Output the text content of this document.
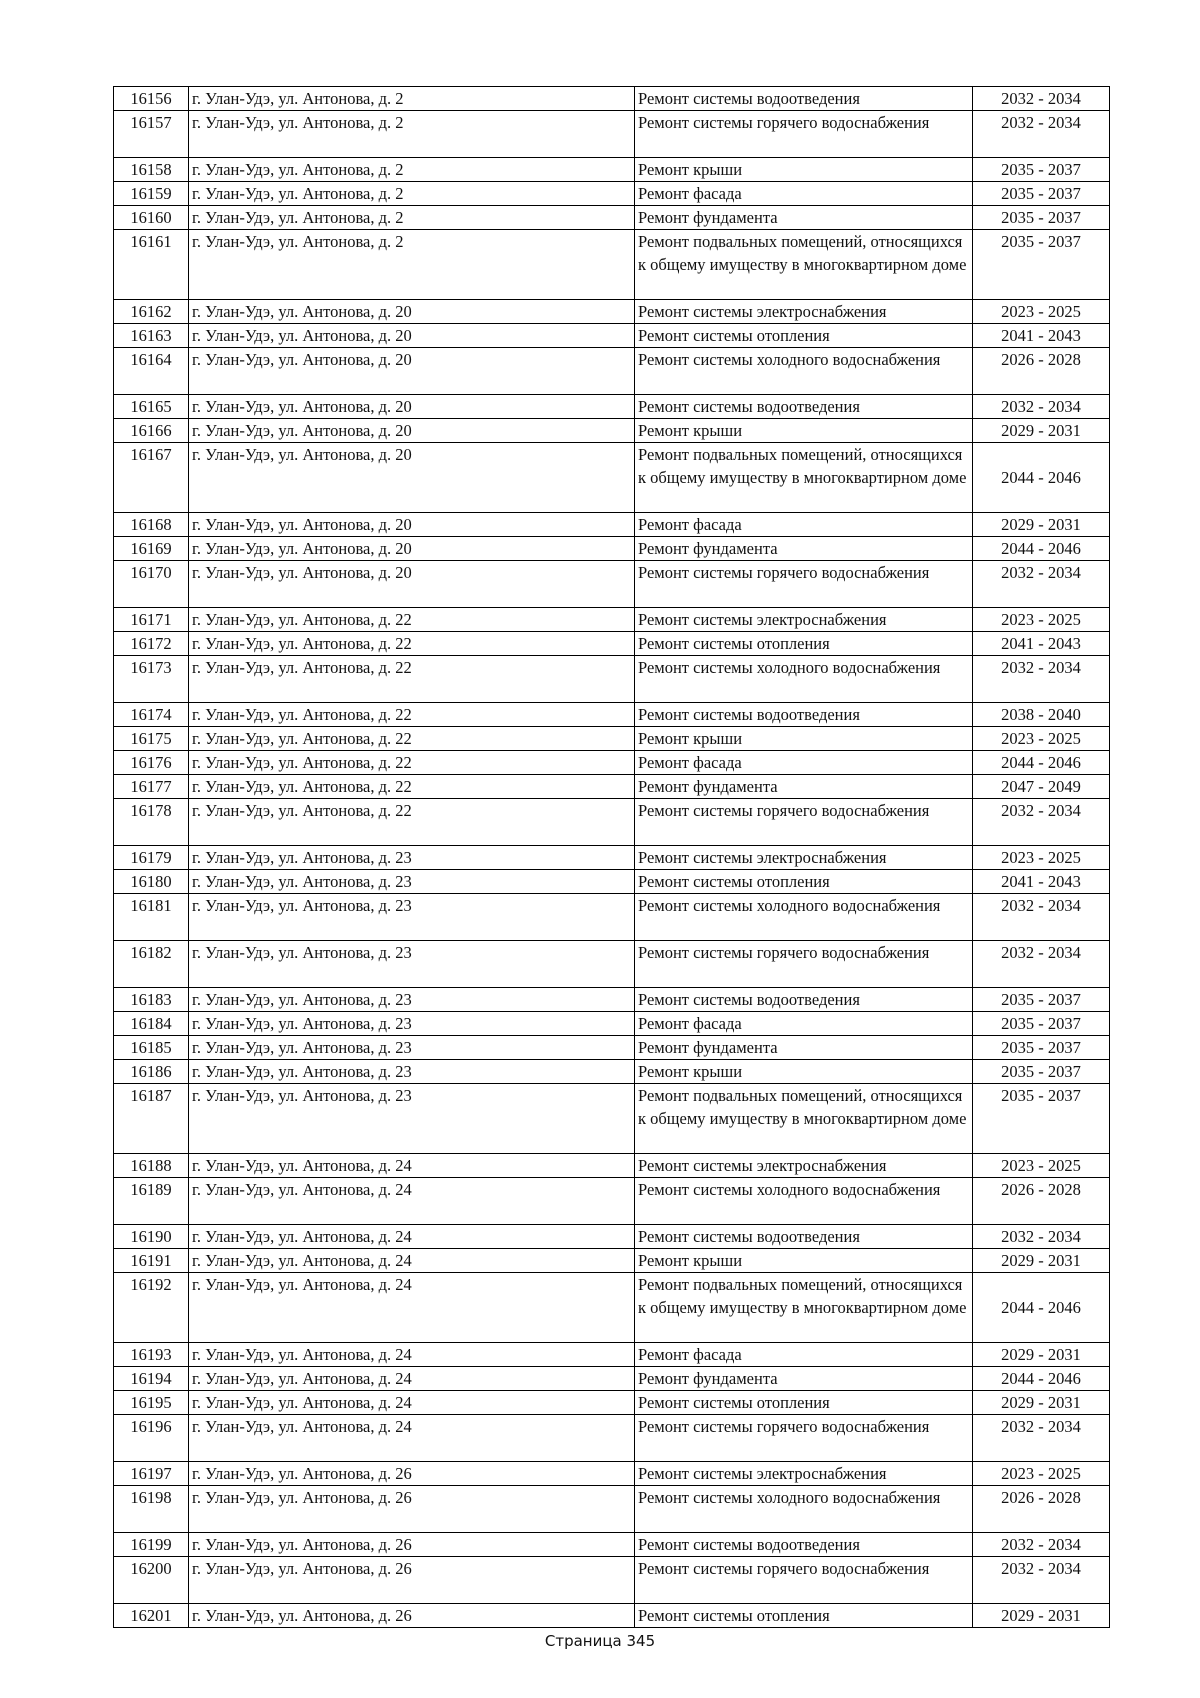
16156	г. Улан-Удэ, ул. Антонова, д. 2	Ремонт системы водоотведения	2032 - 2034
16157	г. Улан-Удэ, ул. Антонова, д. 2	Ремонт системы горячего водоснабжения	2032 - 2034
16158	г. Улан-Удэ, ул. Антонова, д. 2	Ремонт крыши	2035 - 2037
16159	г. Улан-Удэ, ул. Антонова, д. 2	Ремонт фасада	2035 - 2037
16160	г. Улан-Удэ, ул. Антонова, д. 2	Ремонт фундамента	2035 - 2037
16161	г. Улан-Удэ, ул. Антонова, д. 2	Ремонт подвальных помещений, относящихся к общему имуществу в многоквартирном доме	2035 - 2037
16162	г. Улан-Удэ, ул. Антонова, д. 20	Ремонт системы электроснабжения	2023 - 2025
16163	г. Улан-Удэ, ул. Антонова, д. 20	Ремонт системы отопления	2041 - 2043
16164	г. Улан-Удэ, ул. Антонова, д. 20	Ремонт системы холодного водоснабжения	2026 - 2028
16165	г. Улан-Удэ, ул. Антонова, д. 20	Ремонт системы водоотведения	2032 - 2034
16166	г. Улан-Удэ, ул. Антонова, д. 20	Ремонт крыши	2029 - 2031
16167	г. Улан-Удэ, ул. Антонова, д. 20	Ремонт подвальных помещений, относящихся к общему имуществу в многоквартирном доме	2044 - 2046
16168	г. Улан-Удэ, ул. Антонова, д. 20	Ремонт фасада	2029 - 2031
16169	г. Улан-Удэ, ул. Антонова, д. 20	Ремонт фундамента	2044 - 2046
16170	г. Улан-Удэ, ул. Антонова, д. 20	Ремонт системы горячего водоснабжения	2032 - 2034
16171	г. Улан-Удэ, ул. Антонова, д. 22	Ремонт системы электроснабжения	2023 - 2025
16172	г. Улан-Удэ, ул. Антонова, д. 22	Ремонт системы отопления	2041 - 2043
16173	г. Улан-Удэ, ул. Антонова, д. 22	Ремонт системы холодного водоснабжения	2032 - 2034
16174	г. Улан-Удэ, ул. Антонова, д. 22	Ремонт системы водоотведения	2038 - 2040
16175	г. Улан-Удэ, ул. Антонова, д. 22	Ремонт крыши	2023 - 2025
16176	г. Улан-Удэ, ул. Антонова, д. 22	Ремонт фасада	2044 - 2046
16177	г. Улан-Удэ, ул. Антонова, д. 22	Ремонт фундамента	2047 - 2049
16178	г. Улан-Удэ, ул. Антонова, д. 22	Ремонт системы горячего водоснабжения	2032 - 2034
16179	г. Улан-Удэ, ул. Антонова, д. 23	Ремонт системы электроснабжения	2023 - 2025
16180	г. Улан-Удэ, ул. Антонова, д. 23	Ремонт системы отопления	2041 - 2043
16181	г. Улан-Удэ, ул. Антонова, д. 23	Ремонт системы холодного водоснабжения	2032 - 2034
16182	г. Улан-Удэ, ул. Антонова, д. 23	Ремонт системы горячего водоснабжения	2032 - 2034
16183	г. Улан-Удэ, ул. Антонова, д. 23	Ремонт системы водоотведения	2035 - 2037
16184	г. Улан-Удэ, ул. Антонова, д. 23	Ремонт фасада	2035 - 2037
16185	г. Улан-Удэ, ул. Антонова, д. 23	Ремонт фундамента	2035 - 2037
16186	г. Улан-Удэ, ул. Антонова, д. 23	Ремонт крыши	2035 - 2037
16187	г. Улан-Удэ, ул. Антонова, д. 23	Ремонт подвальных помещений, относящихся к общему имуществу в многоквартирном доме	2035 - 2037
16188	г. Улан-Удэ, ул. Антонова, д. 24	Ремонт системы электроснабжения	2023 - 2025
16189	г. Улан-Удэ, ул. Антонова, д. 24	Ремонт системы холодного водоснабжения	2026 - 2028
16190	г. Улан-Удэ, ул. Антонова, д. 24	Ремонт системы водоотведения	2032 - 2034
16191	г. Улан-Удэ, ул. Антонова, д. 24	Ремонт крыши	2029 - 2031
16192	г. Улан-Удэ, ул. Антонова, д. 24	Ремонт подвальных помещений, относящихся к общему имуществу в многоквартирном доме	2044 - 2046
16193	г. Улан-Удэ, ул. Антонова, д. 24	Ремонт фасада	2029 - 2031
16194	г. Улан-Удэ, ул. Антонова, д. 24	Ремонт фундамента	2044 - 2046
16195	г. Улан-Удэ, ул. Антонова, д. 24	Ремонт системы отопления	2029 - 2031
16196	г. Улан-Удэ, ул. Антонова, д. 24	Ремонт системы горячего водоснабжения	2032 - 2034
16197	г. Улан-Удэ, ул. Антонова, д. 26	Ремонт системы электроснабжения	2023 - 2025
16198	г. Улан-Удэ, ул. Антонова, д. 26	Ремонт системы холодного водоснабжения	2026 - 2028
16199	г. Улан-Удэ, ул. Антонова, д. 26	Ремонт системы водоотведения	2032 - 2034
16200	г. Улан-Удэ, ул. Антонова, д. 26	Ремонт системы горячего водоснабжения	2032 - 2034
16201	г. Улан-Удэ, ул. Антонова, д. 26	Ремонт системы отопления	2029 - 2031
Страница 345
